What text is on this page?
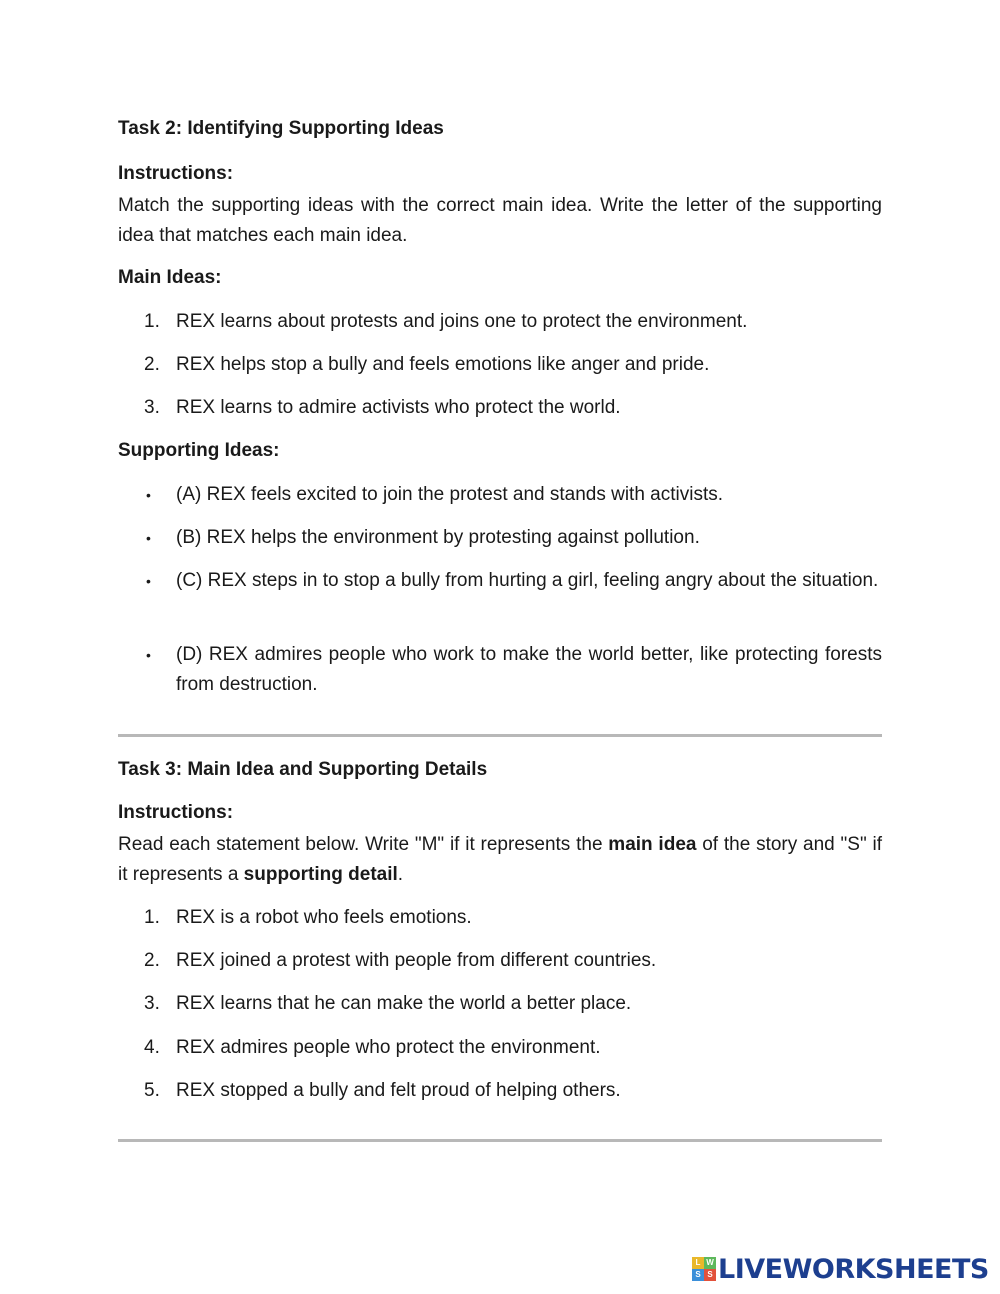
Task 2: Identifying Supporting Ideas
Instructions:
Match the supporting ideas with the correct main idea. Write the letter of the supporting idea that matches each main idea.
Main Ideas:
1. REX learns about protests and joins one to protect the environment.
2. REX helps stop a bully and feels emotions like anger and pride.
3. REX learns to admire activists who protect the world.
Supporting Ideas:
• (A) REX feels excited to join the protest and stands with activists.
• (B) REX helps the environment by protesting against pollution.
• (C) REX steps in to stop a bully from hurting a girl, feeling angry about the situation.
• (D) REX admires people who work to make the world better, like protecting forests from destruction.
Task 3: Main Idea and Supporting Details
Instructions:
Read each statement below. Write "M" if it represents the main idea of the story and "S" if it represents a supporting detail.
1. REX is a robot who feels emotions.
2. REX joined a protest with people from different countries.
3. REX learns that he can make the world a better place.
4. REX admires people who protect the environment.
5. REX stopped a bully and felt proud of helping others.
L W
S S LIVEWORKSHEETS
